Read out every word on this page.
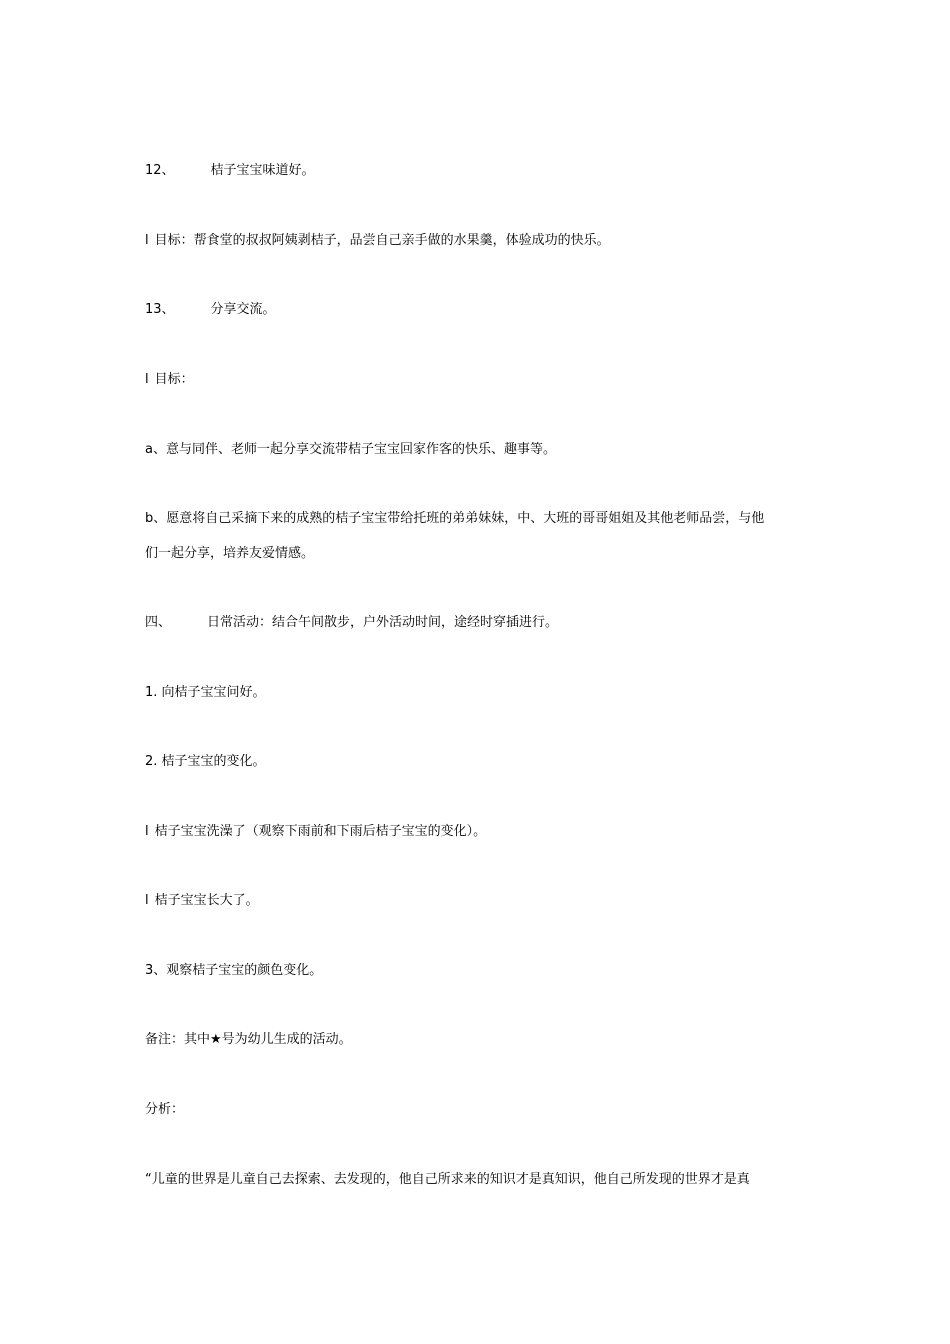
12、	桔子宝宝味道好。
l 目标：帮食堂的叔叔阿姨剥桔子，品尝自己亲手做的水果羹，体验成功的快乐。
13、	分享交流。
l 目标：
a、意与同伴、老师一起分享交流带桔子宝宝回家作客的快乐、趣事等。
b、愿意将自己采摘下来的成熟的桔子宝宝带给托班的弟弟妹妹，中、大班的哥哥姐姐及其他老师品尝，与他
们一起分享，培养友爱情感。
四、	日常活动：结合午间散步，户外活动时间，途经时穿插进行。
1. 向桔子宝宝问好。
2. 桔子宝宝的变化。
l 桔子宝宝洗澡了（观察下雨前和下雨后桔子宝宝的变化）。
l 桔子宝宝长大了。
3、观察桔子宝宝的颜色变化。
备注：其中★号为幼儿生成的活动。
分析：
“儿童的世界是儿童自己去探索、去发现的，他自己所求来的知识才是真知识，他自己所发现的世界才是真
